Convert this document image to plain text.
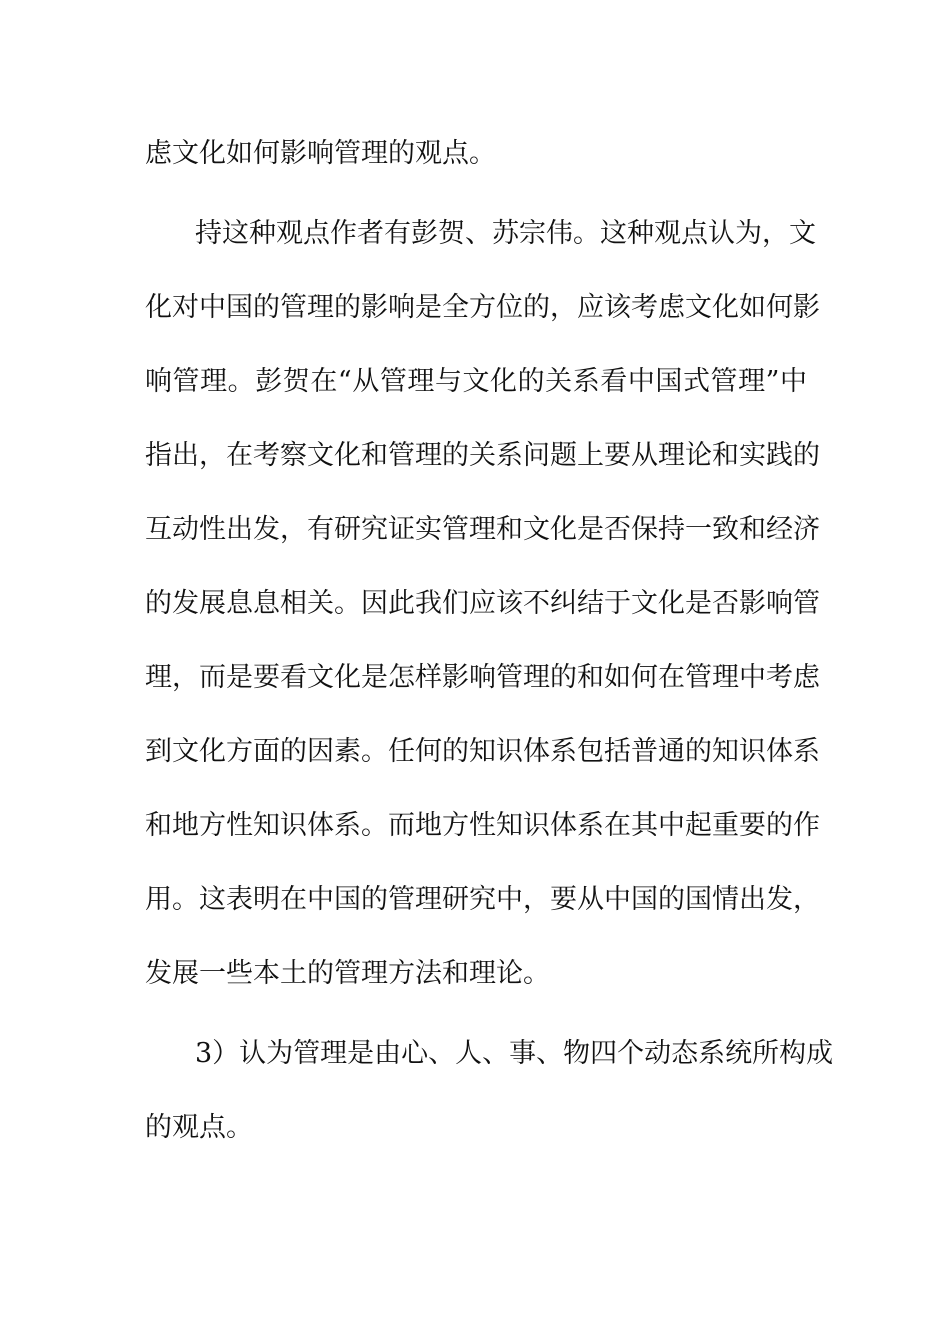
虑文化如何影响管理的观点。
持这种观点作者有彭贺、苏宗伟。这种观点认为，文
化对中国的管理的影响是全方位的，应该考虑文化如何影
响管理。彭贺在“从管理与文化的关系看中国式管理”中
指出，在考察文化和管理的关系问题上要从理论和实践的
互动性出发，有研究证实管理和文化是否保持一致和经济
的发展息息相关。因此我们应该不纠结于文化是否影响管
理，而是要看文化是怎样影响管理的和如何在管理中考虑
到文化方面的因素。任何的知识体系包括普通的知识体系
和地方性知识体系。而地方性知识体系在其中起重要的作
用。这表明在中国的管理研究中，要从中国的国情出发，
发展一些本土的管理方法和理论。
3）认为管理是由心、人、事、物四个动态系统所构成
的观点。
